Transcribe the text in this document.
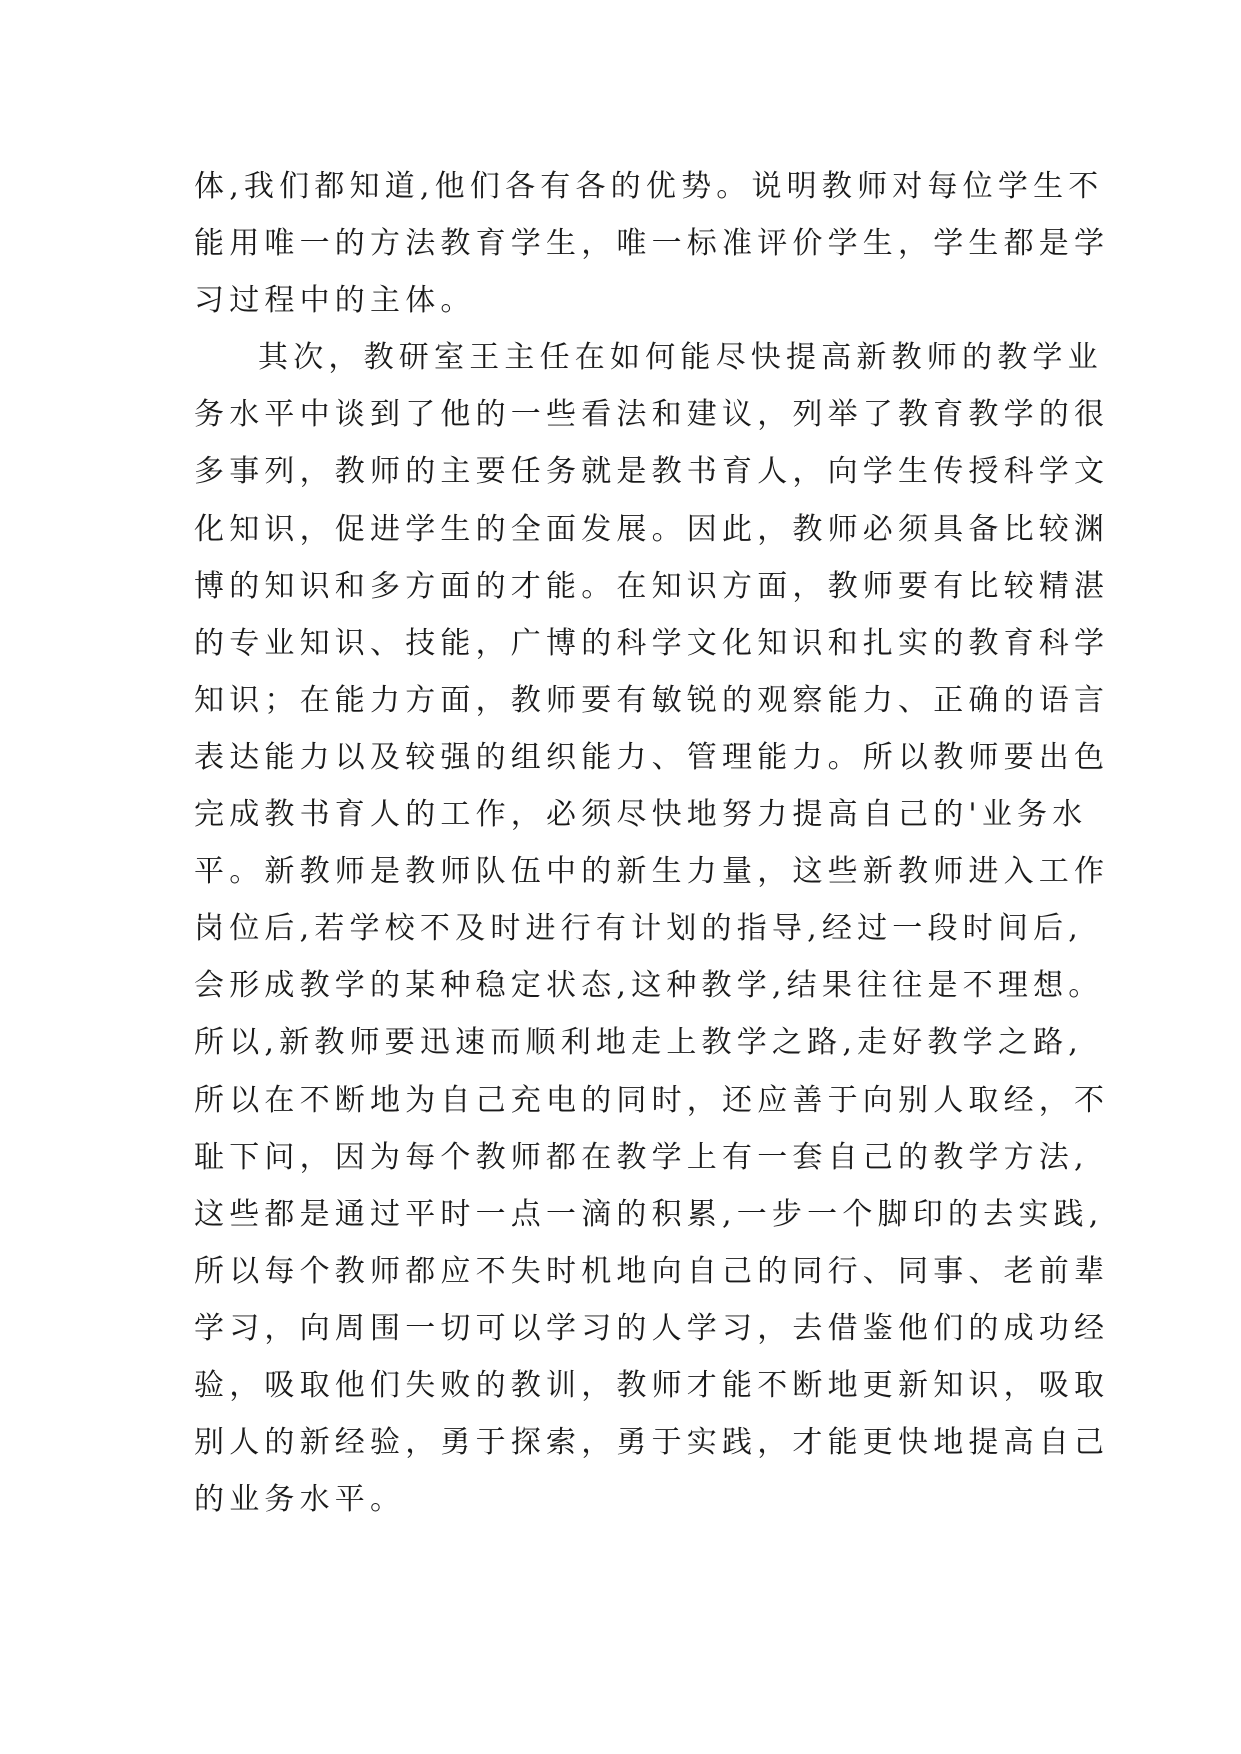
体,我们都知道,他们各有各的优势。说明教师对每位学生不
能用唯一的方法教育学生，唯一标准评价学生，学生都是学
习过程中的主体。
其次，教研室王主任在如何能尽快提高新教师的教学业
务水平中谈到了他的一些看法和建议，列举了教育教学的很
多事列，教师的主要任务就是教书育人，向学生传授科学文
化知识，促进学生的全面发展。因此，教师必须具备比较渊
博的知识和多方面的才能。在知识方面，教师要有比较精湛
的专业知识、技能，广博的科学文化知识和扎实的教育科学
知识；在能力方面，教师要有敏锐的观察能力、正确的语言
表达能力以及较强的组织能力、管理能力。所以教师要出色
完成教书育人的工作，必须尽快地努力提高自己的'业务水
平。新教师是教师队伍中的新生力量，这些新教师进入工作
岗位后,若学校不及时进行有计划的指导,经过一段时间后,
会形成教学的某种稳定状态,这种教学,结果往往是不理想。
所以,新教师要迅速而顺利地走上教学之路,走好教学之路,
所以在不断地为自己充电的同时，还应善于向别人取经，不
耻下问，因为每个教师都在教学上有一套自己的教学方法,
这些都是通过平时一点一滴的积累,一步一个脚印的去实践,
所以每个教师都应不失时机地向自己的同行、同事、老前辈
学习，向周围一切可以学习的人学习，去借鉴他们的成功经
验，吸取他们失败的教训，教师才能不断地更新知识，吸取
别人的新经验，勇于探索，勇于实践，才能更快地提高自己
的业务水平。
